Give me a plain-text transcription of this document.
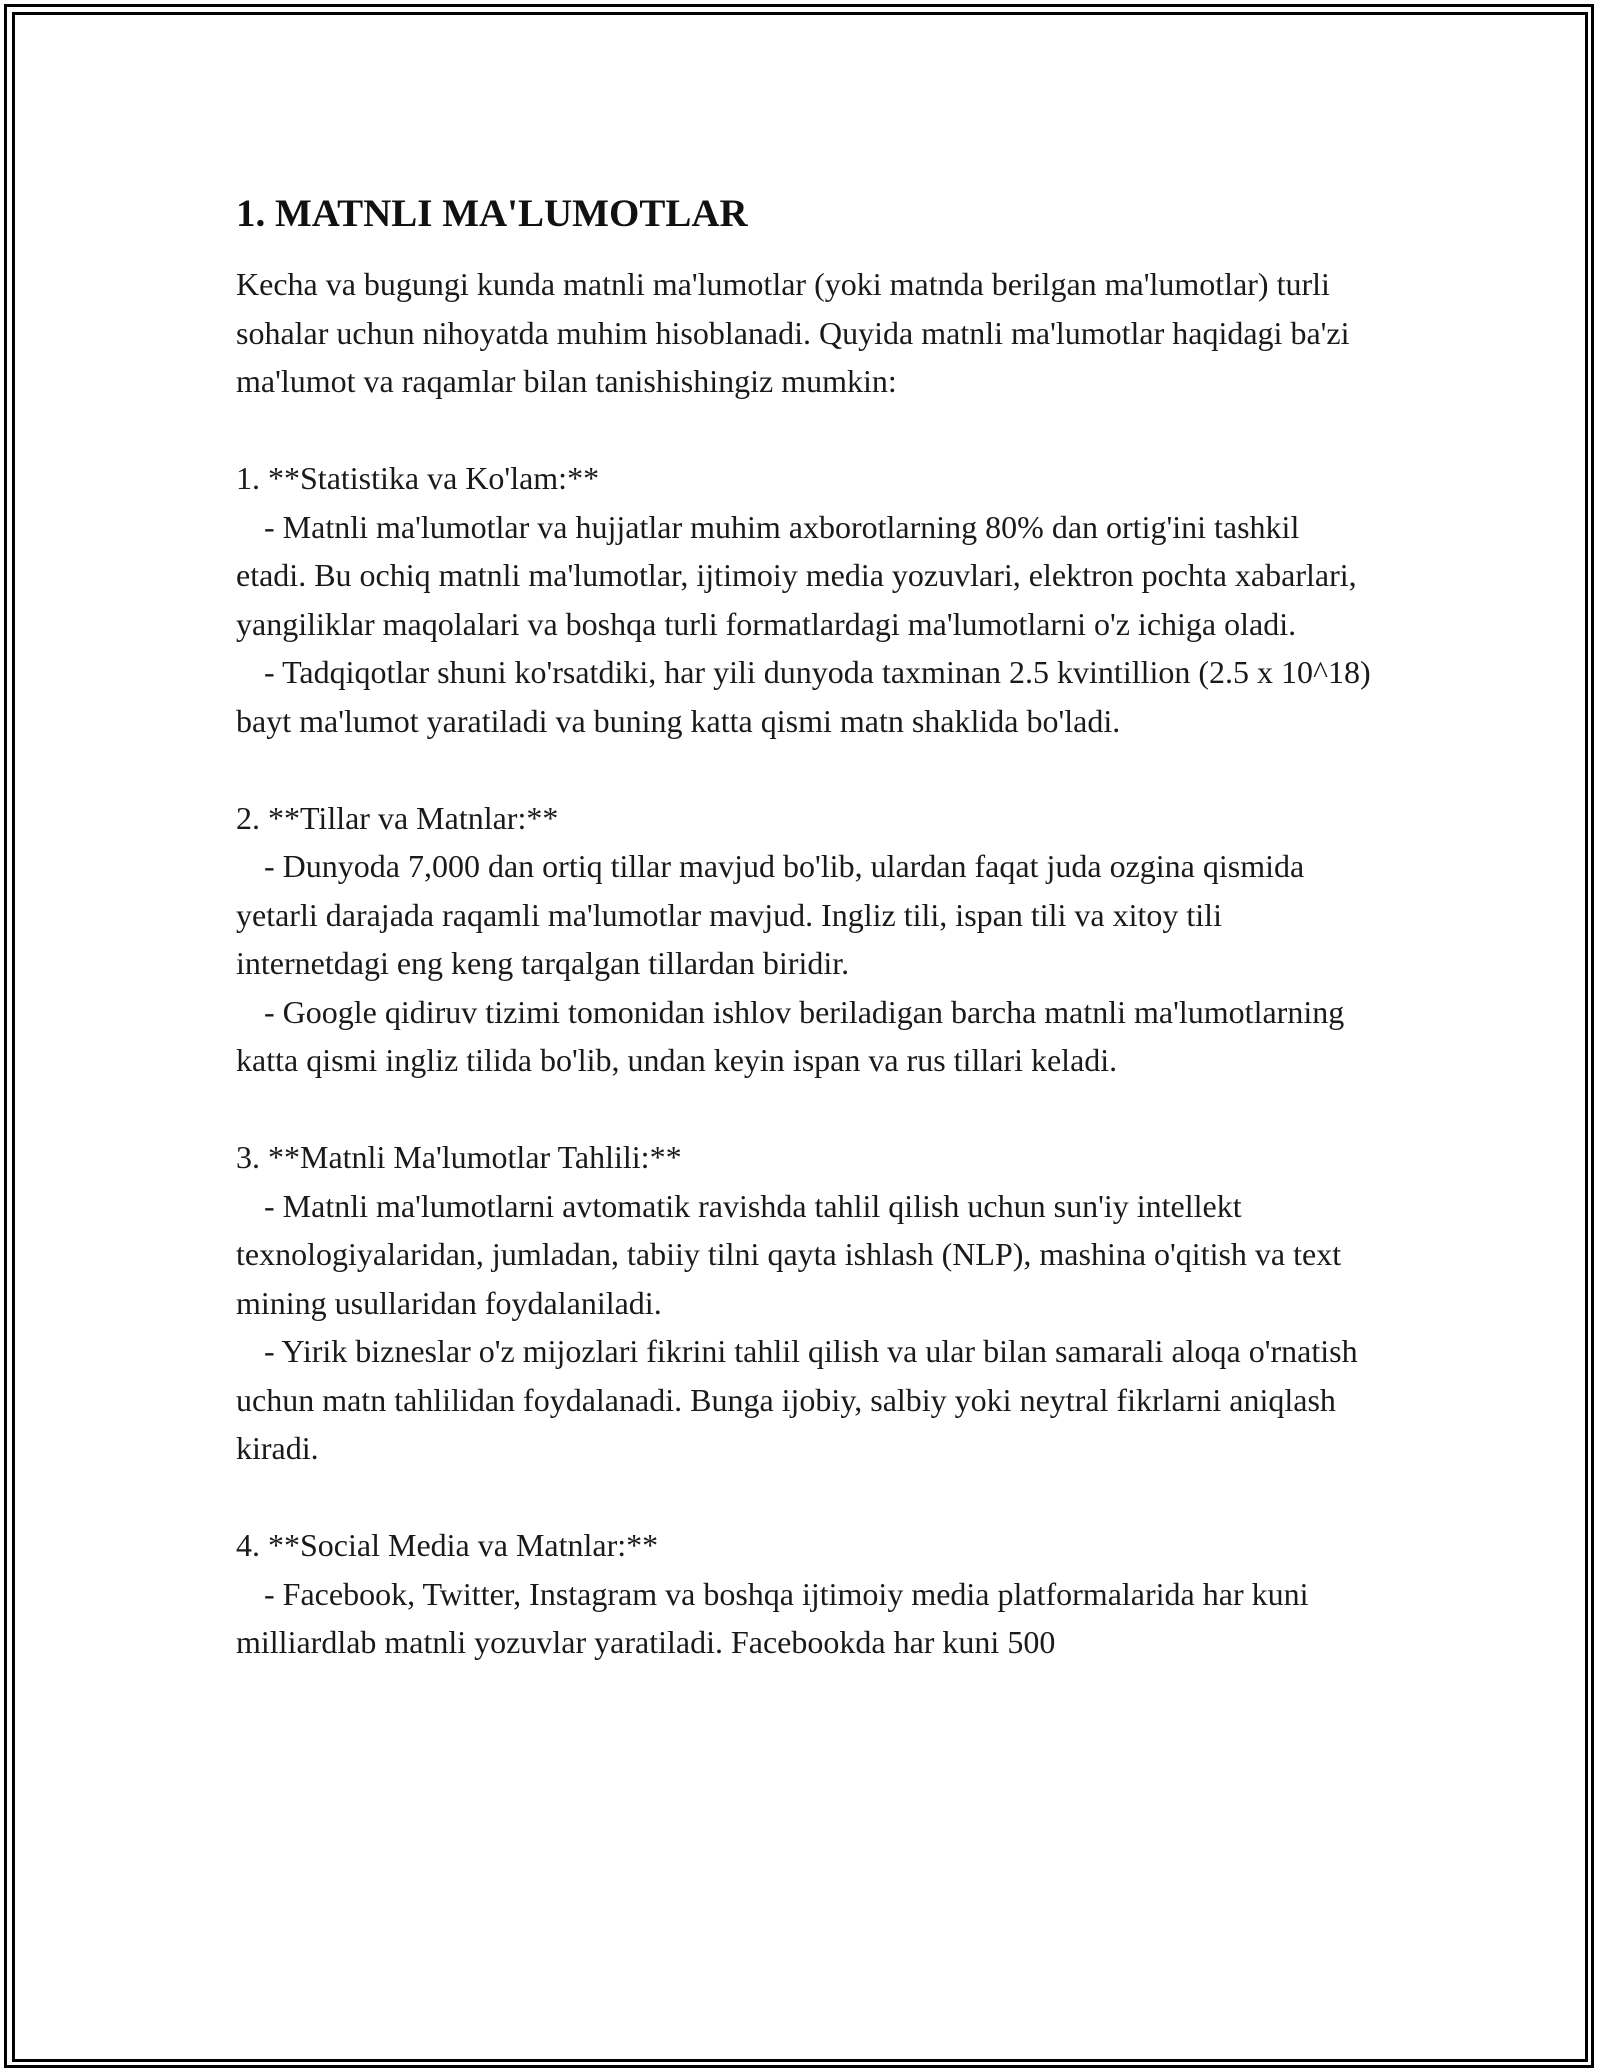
1. MATNLI MA'LUMOTLAR

Kecha va bugungi kunda matnli ma'lumotlar (yoki matnda berilgan ma'lumotlar) turli sohalar uchun nihoyatda muhim hisoblanadi. Quyida matnli ma'lumotlar haqidagi ba'zi ma'lumot va raqamlar bilan tanishishingiz mumkin:

1. **Statistika va Ko'lam:**

- Matnli ma'lumotlar va hujjatlar muhim axborotlarning 80% dan ortig'ini tashkil etadi. Bu ochiq matnli ma'lumotlar, ijtimoiy media yozuvlari, elektron pochta xabarlari, yangiliklar maqolalari va boshqa turli formatlardagi ma'lumotlarni o'z ichiga oladi.

- Tadqiqotlar shuni ko'rsatdiki, har yili dunyoda taxminan 2.5 kvintillion (2.5 x 10^18) bayt ma'lumot yaratiladi va buning katta qismi matn shaklida bo'ladi.

2. **Tillar va Matnlar:**

- Dunyoda 7,000 dan ortiq tillar mavjud bo'lib, ulardan faqat juda ozgina qismida yetarli darajada raqamli ma'lumotlar mavjud. Ingliz tili, ispan tili va xitoy tili internetdagi eng keng tarqalgan tillardan biridir.

- Google qidiruv tizimi tomonidan ishlov beriladigan barcha matnli ma'lumotlarning katta qismi ingliz tilida bo'lib, undan keyin ispan va rus tillari keladi.

3. **Matnli Ma'lumotlar Tahlili:**

- Matnli ma'lumotlarni avtomatik ravishda tahlil qilish uchun sun'iy intellekt texnologiyalaridan, jumladan, tabiiy tilni qayta ishlash (NLP), mashina o'qitish va text mining usullaridan foydalaniladi.

- Yirik bizneslar o'z mijozlari fikrini tahlil qilish va ular bilan samarali aloqa o'rnatish uchun matn tahlilidan foydalanadi. Bunga ijobiy, salbiy yoki neytral fikrlarni aniqlash kiradi.

4. **Social Media va Matnlar:**

- Facebook, Twitter, Instagram va boshqa ijtimoiy media platformalarida har kuni milliardlab matnli yozuvlar yaratiladi. Facebookda har kuni 500
